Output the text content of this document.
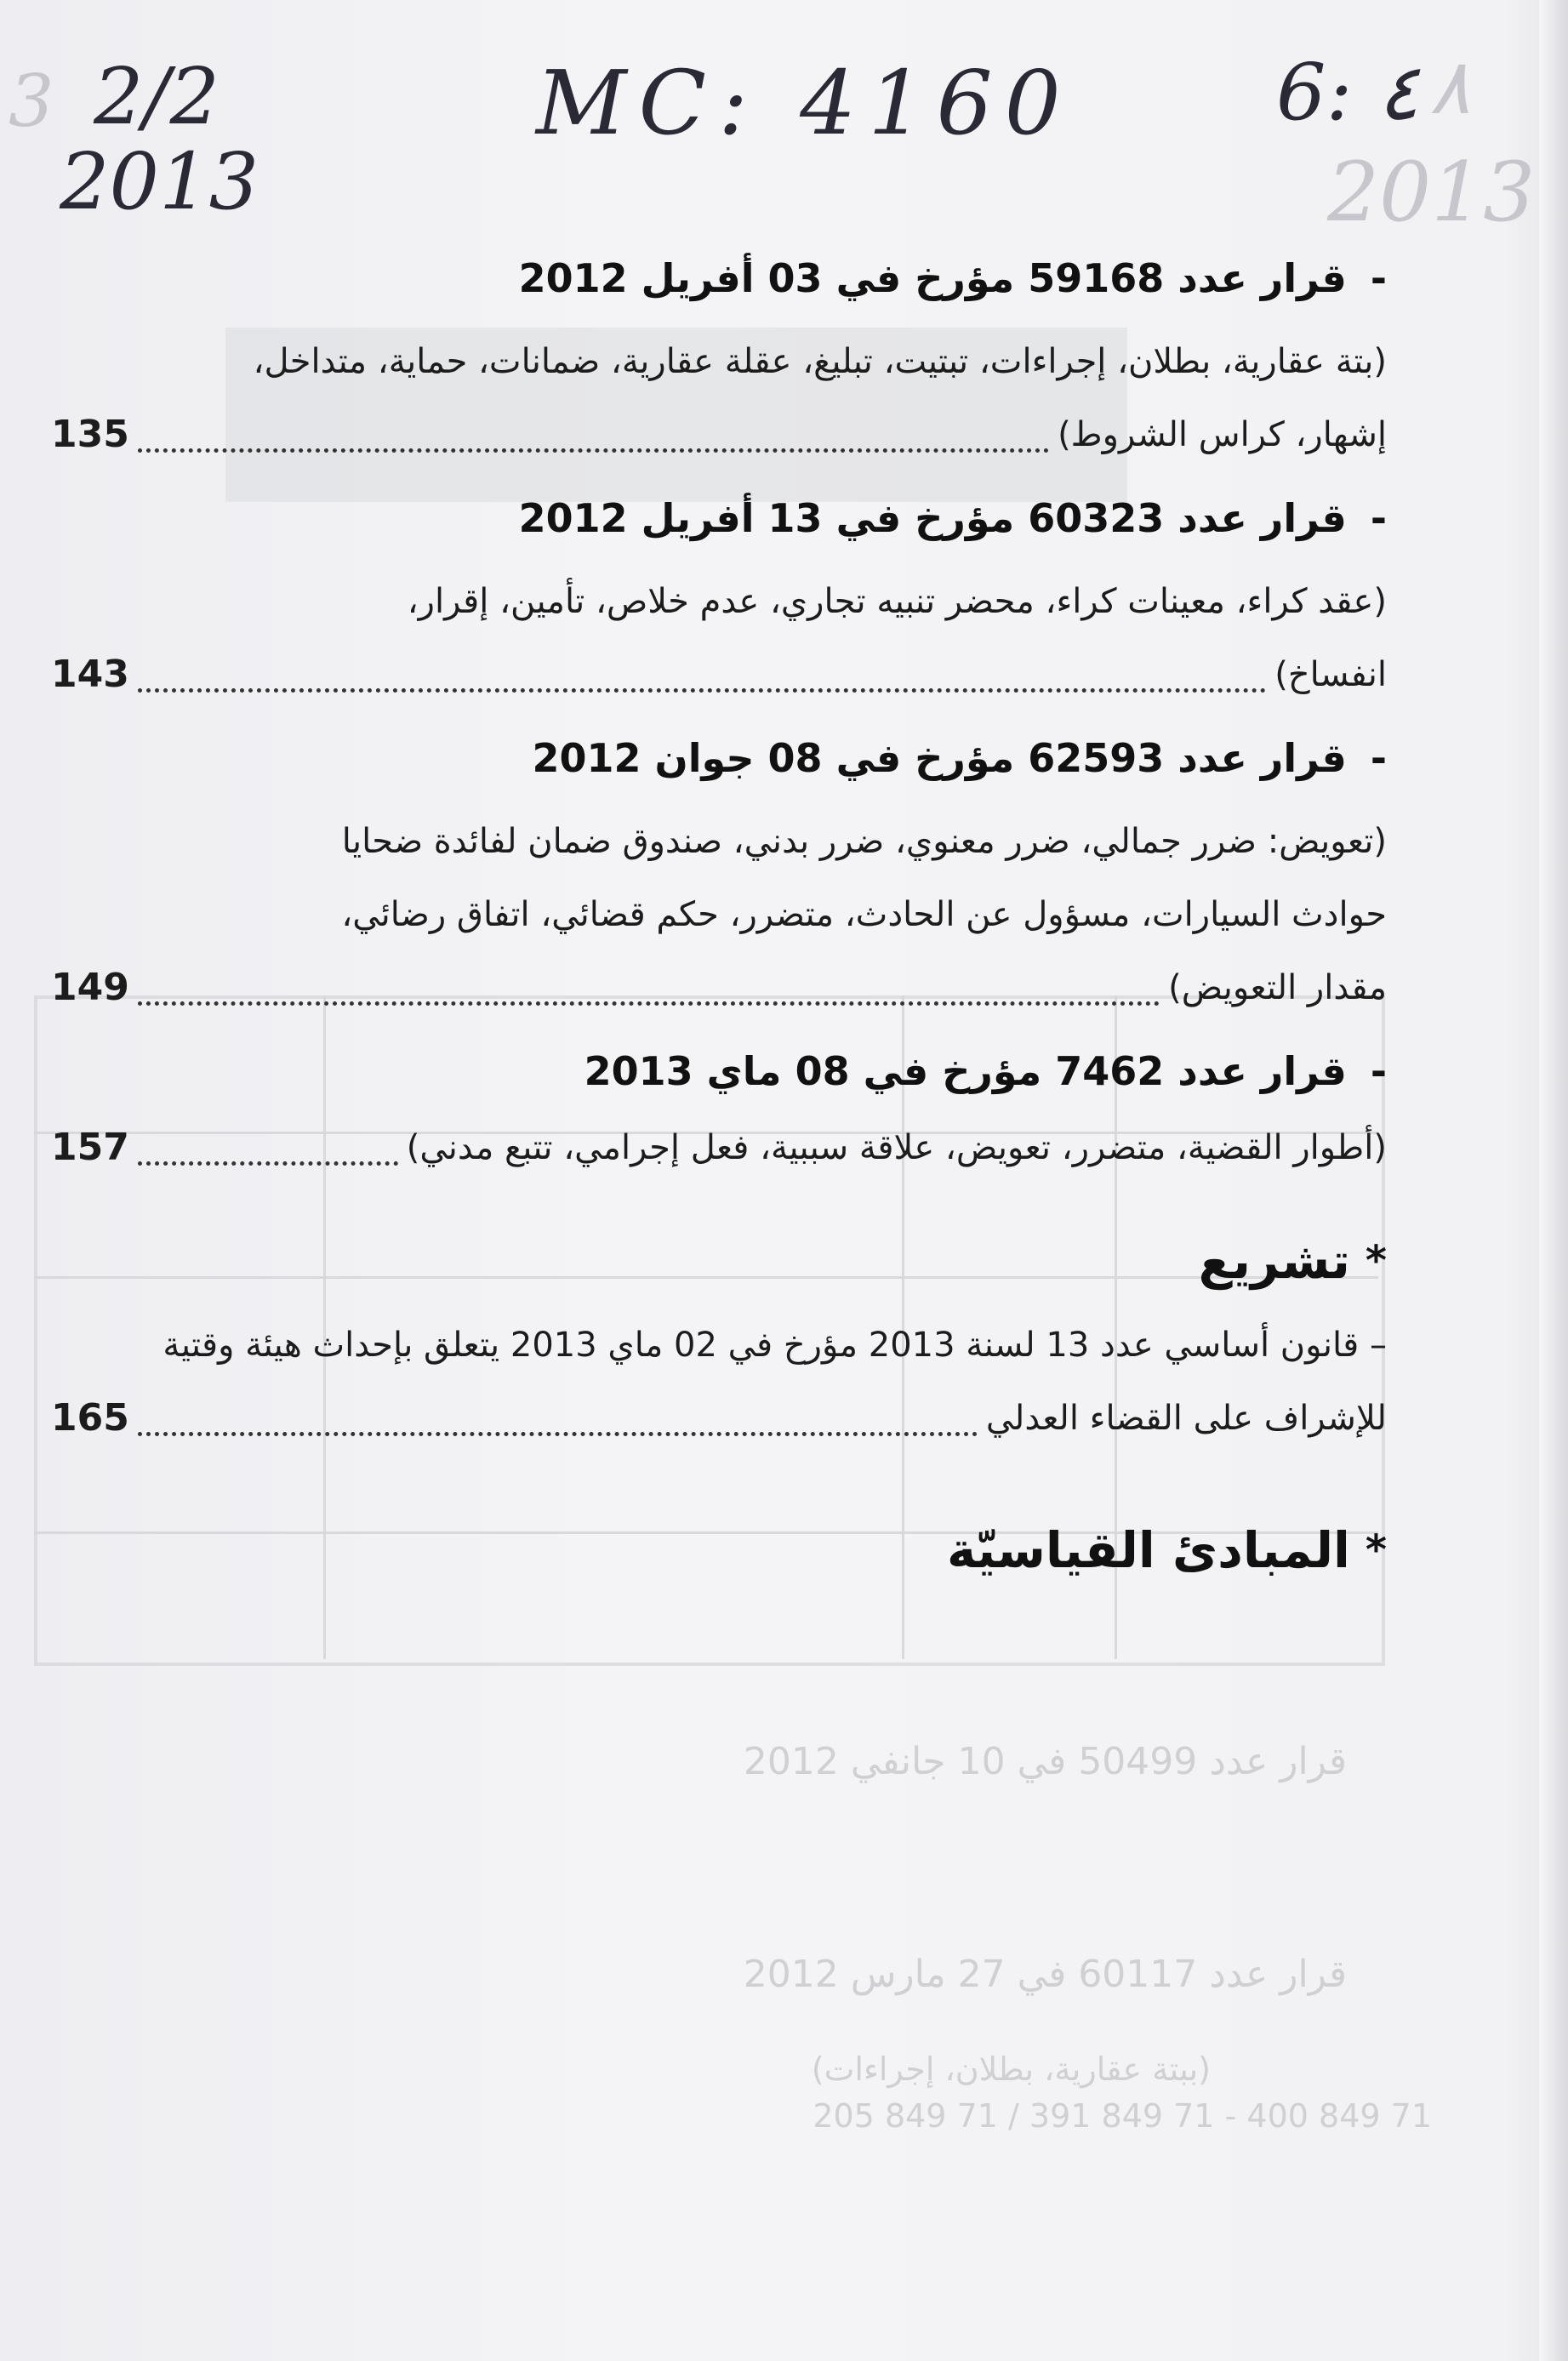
قرار عدد 50499 في 10 جانفي 2012
قرار عدد 60117 في 27 مارس 2012
(ببتة عقارية، بطلان، إجراءات)
71 849 400 - 71 849 391 / 71 849 205
3
2013
٨
2/2
2013
MC: 4160	6: ٤
-
قرار عدد 59168 مؤرخ في 03 أفريل 2012
(بتة عقارية، بطلان، إجراءات، تبتيت، تبليغ، عقلة عقارية، ضمانات، حماية، متداخل،
إشهار، كراس الشروط)
135
-
قرار عدد 60323 مؤرخ في 13 أفريل 2012
(عقد كراء، معينات كراء، محضر تنبيه تجاري، عدم خلاص، تأمين، إقرار،
انفساخ)
143
-
قرار عدد 62593 مؤرخ في 08 جوان 2012
(تعويض: ضرر جمالي، ضرر معنوي، ضرر بدني، صندوق ضمان لفائدة ضحايا
حوادث السيارات، مسؤول عن الحادث، متضرر، حكم قضائي، اتفاق رضائي،
مقدار التعويض)
149
-
قرار عدد 7462 مؤرخ في 08 ماي 2013
(أطوار القضية، متضرر، تعويض، علاقة سببية، فعل إجرامي، تتبع مدني)
157
*
تشريع
– قانون أساسي عدد 13 لسنة 2013 مؤرخ في 02 ماي 2013 يتعلق بإحداث هيئة وقتية
للإشراف على القضاء العدلي
165
*
المبادئ القياسيّة
